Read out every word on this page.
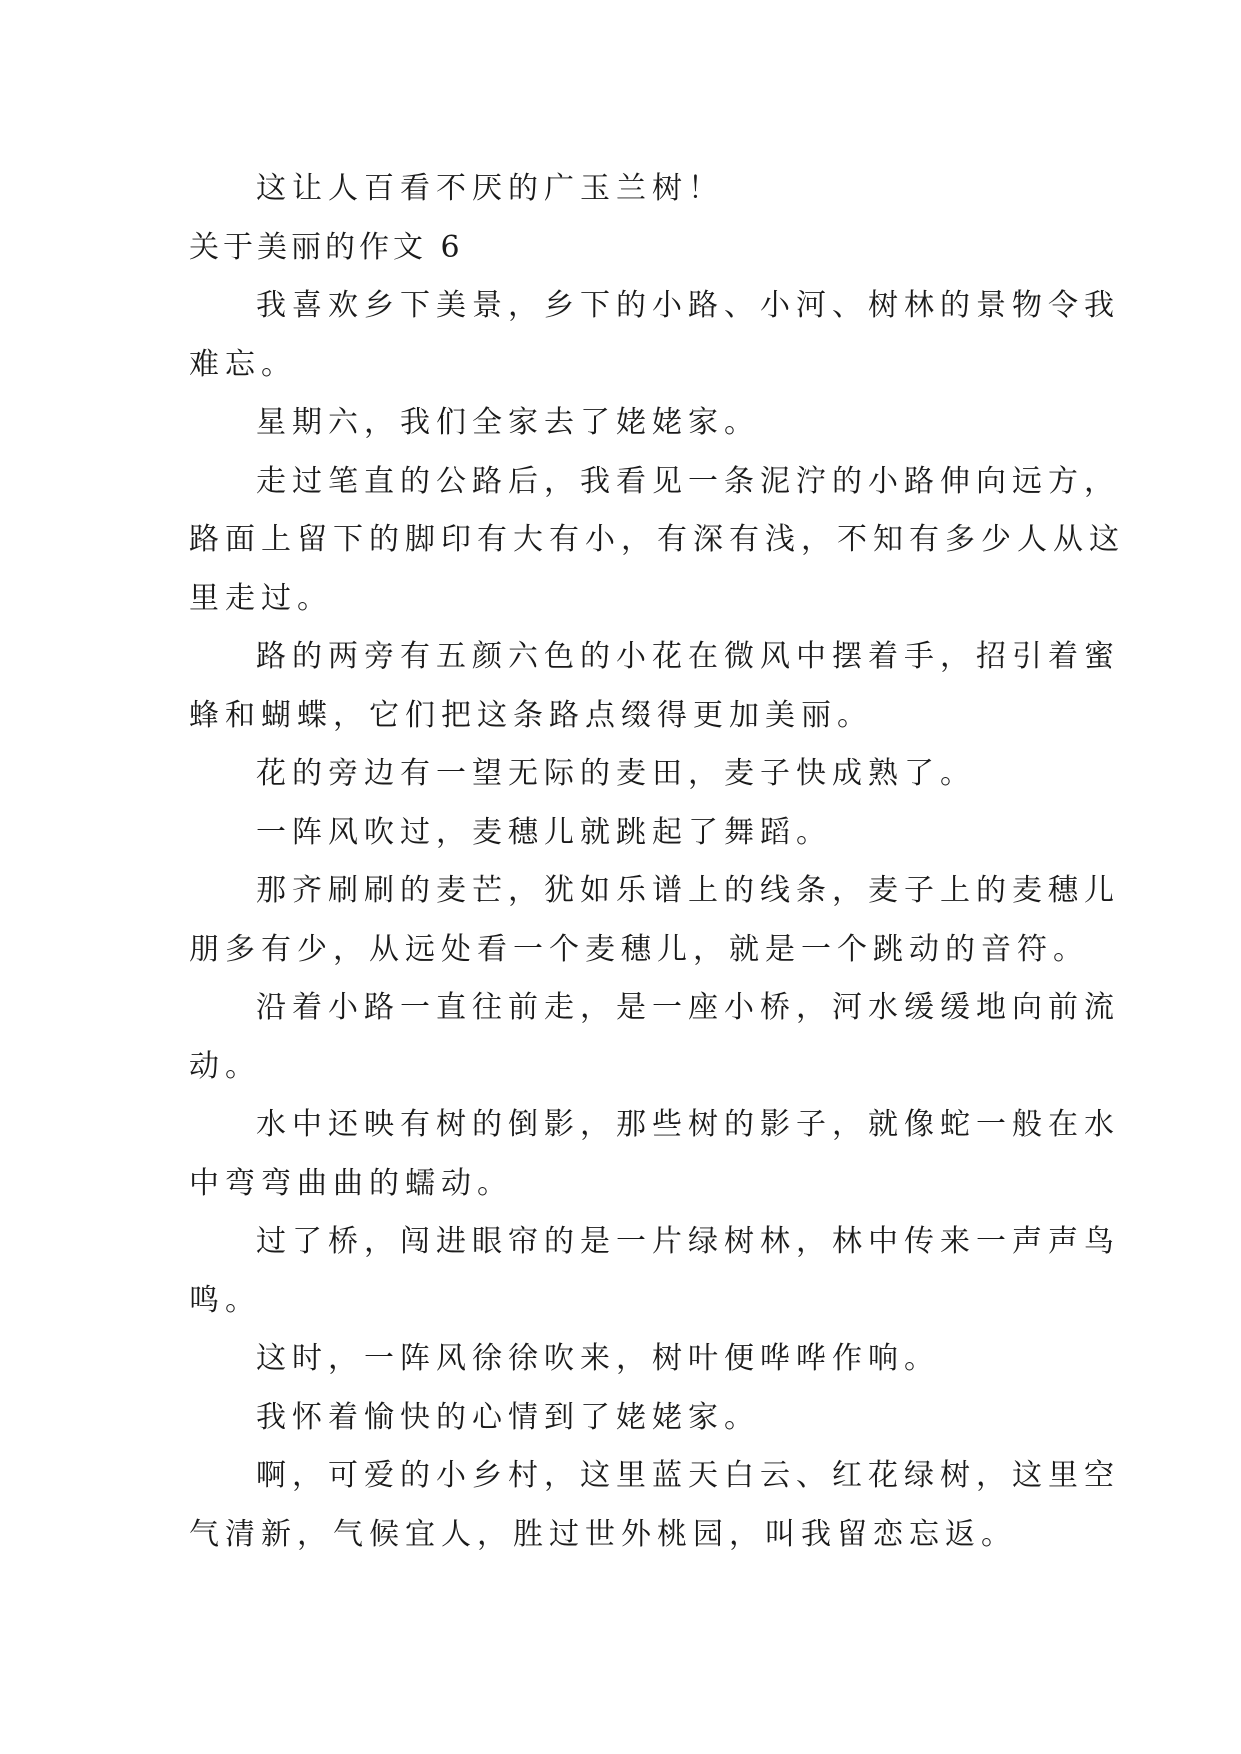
这让人百看不厌的广玉兰树！

关于美丽的作文 6

我喜欢乡下美景，乡下的小路、小河、树林的景物令我

难忘。

星期六，我们全家去了姥姥家。

走过笔直的公路后，我看见一条泥泞的小路伸向远方，

路面上留下的脚印有大有小，有深有浅，不知有多少人从这

里走过。

路的两旁有五颜六色的小花在微风中摆着手，招引着蜜

蜂和蝴蝶，它们把这条路点缀得更加美丽。

花的旁边有一望无际的麦田，麦子快成熟了。

一阵风吹过，麦穗儿就跳起了舞蹈。

那齐刷刷的麦芒，犹如乐谱上的线条，麦子上的麦穗儿

朋多有少，从远处看一个麦穗儿，就是一个跳动的音符。

沿着小路一直往前走，是一座小桥，河水缓缓地向前流

动。

水中还映有树的倒影，那些树的影子，就像蛇一般在水

中弯弯曲曲的蠕动。

过了桥，闯进眼帘的是一片绿树林，林中传来一声声鸟

鸣。

这时，一阵风徐徐吹来，树叶便哗哗作响。

我怀着愉快的心情到了姥姥家。

啊，可爱的小乡村，这里蓝天白云、红花绿树，这里空

气清新，气候宜人，胜过世外桃园，叫我留恋忘返。
